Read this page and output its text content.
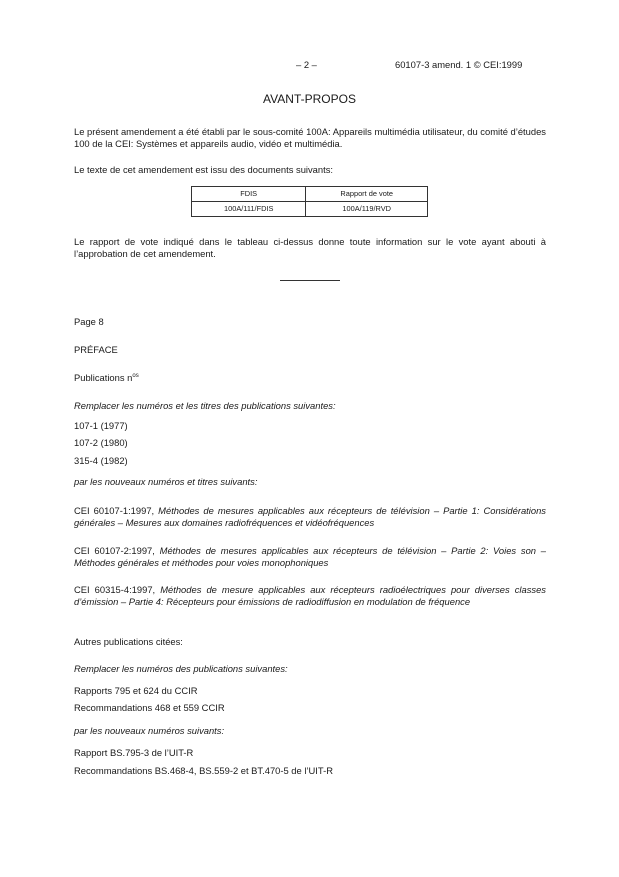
– 2 –	60107-3 amend. 1 © CEI:1999
AVANT-PROPOS
Le présent amendement a été établi par le sous-comité 100A: Appareils multimédia utilisateur, du comité d’études 100 de la CEI: Systèmes et appareils audio, vidéo et multimédia.
Le texte de cet amendement est issu des documents suivants:
FDIS	Rapport de vote
100A/111/FDIS	100A/119/RVD
Le rapport de vote indiqué dans le tableau ci-dessus donne toute information sur le vote ayant abouti à l’approbation de cet amendement.
Page 8
PRÉFACE
Publications $n^{os}$
Remplacer les numéros et les titres des publications suivantes:
107-1 (1977)
107-2 (1980)
315-4 (1982)
par les nouveaux numéros et titres suivants:
CEI 60107-1:1997, Méthodes de mesures applicables aux récepteurs de télévision – Partie 1: Considérations générales – Mesures aux domaines radiofréquences et vidéofréquences
CEI 60107-2:1997, Méthodes de mesures applicables aux récepteurs de télévision – Partie 2: Voies son – Méthodes générales et méthodes pour voies monophoniques
CEI 60315-4:1997, Méthodes de mesure applicables aux récepteurs radioélectriques pour diverses classes d’émission – Partie 4: Récepteurs pour émissions de radiodiffusion en modulation de fréquence
Autres publications citées:
Remplacer les numéros des publications suivantes:
Rapports 795 et 624 du CCIR
Recommandations 468 et 559 CCIR
par les nouveaux numéros suivants:
Rapport BS.795-3 de l’UIT-R
Recommandations BS.468-4, BS.559-2 et BT.470-5 de l’UIT-R
